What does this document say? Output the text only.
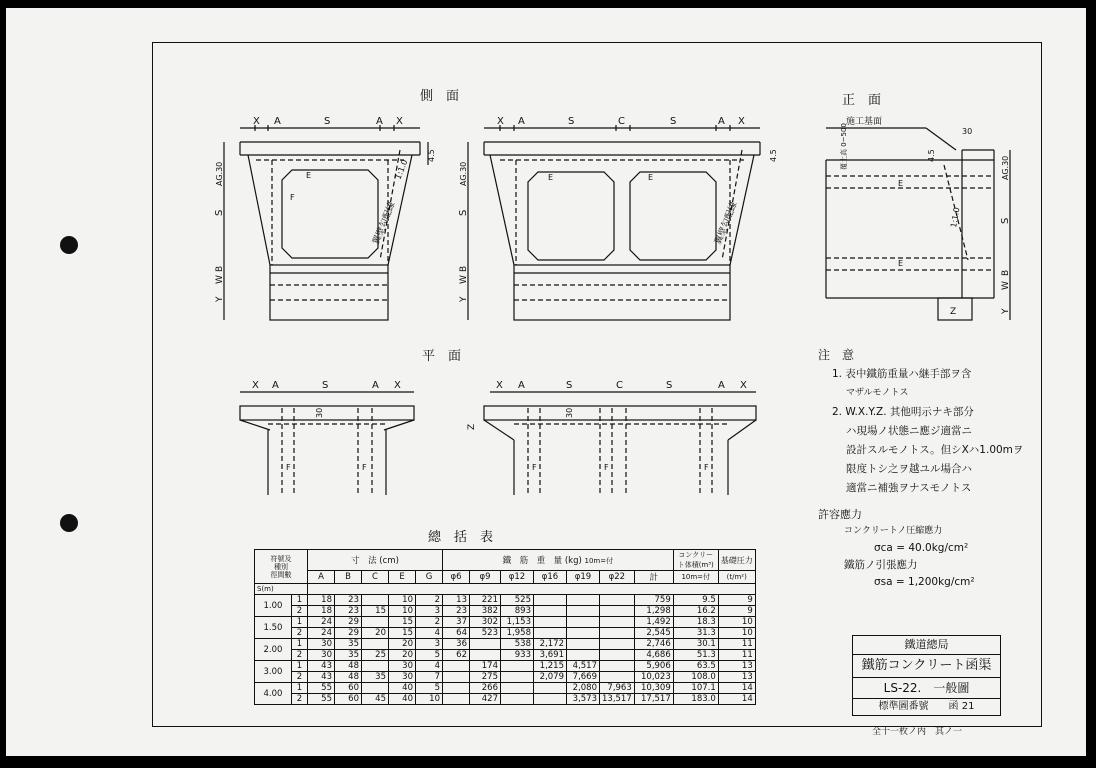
側　面	正　面
平　面
總　括　表
X A	S	A X
AG.30
S
B
W
Y
4.5
E
F
翼壁勾配線
1:1.0
X A	S	C	S	A X
AG.30
S
B
W
Y
4.5
E	E
翼壁勾配線
施工基面
覆土高 0~500	30
4.5
AG.30
S
B
W
Y
Z
E
E
1:1.0
X A	S	A X
30
F	F
X A	S	C	S	A X
Z
30
F	F	F
注　意
1. 表中鐵筋重量ハ継手部ヲ含
マザルモノトス
2. W.X.Y.Z. 其他明示ナキ部分
ハ現場ノ状態ニ應ジ適當ニ
設計スルモノトス。但シXハ1.00mヲ
限度トシ之ヲ越ユル場合ハ
適當ニ補強ヲナスモノトス
許容應力
コンクリートノ圧縮應力
σca = 40.0kg/cm²
鐵筋ノ引張應力
σsa = 1,200kg/cm²
符號及
種別
徑間數		寸　法 (cm)					鐵　筋　重　量 (kg) 10m=付							コンクリート体積(m³)	基礎圧力
		A	B	C	E	G	φ6	φ9	φ12	φ16	φ19	φ22	計	10m=付	(t/m²)
S(m)															
1.00	1	18	23		10	2	13	221	525				759	9.5	9
	2	18	23	15	10	3	23	382	893				1,298	16.2	9
1.50	1	24	29		15	2	37	302	1,153				1,492	18.3	10
	2	24	29	20	15	4	64	523	1,958				2,545	31.3	10
2.00	1	30	35		20	3	36		538	2,172			2,746	30.1	11
	2	30	35	25	20	5	62		933	3,691			4,686	51.3	11
3.00	1	43	48		30	4		174		1,215	4,517		5,906	63.5	13
	2	43	48	35	30	7		275		2,079	7,669		10,023	108.0	13
4.00	1	55	60		40	5		266			2,080	7,963	10,309	107.1	14
	2	55	60	45	40	10		427			3,573	13,517	17,517	183.0	14
鐵道總局
鐵筋コンクリート函渠
LS-22.　一般圖
標準圖番號　　函 21
全十一枚ノ内　其ノ一
